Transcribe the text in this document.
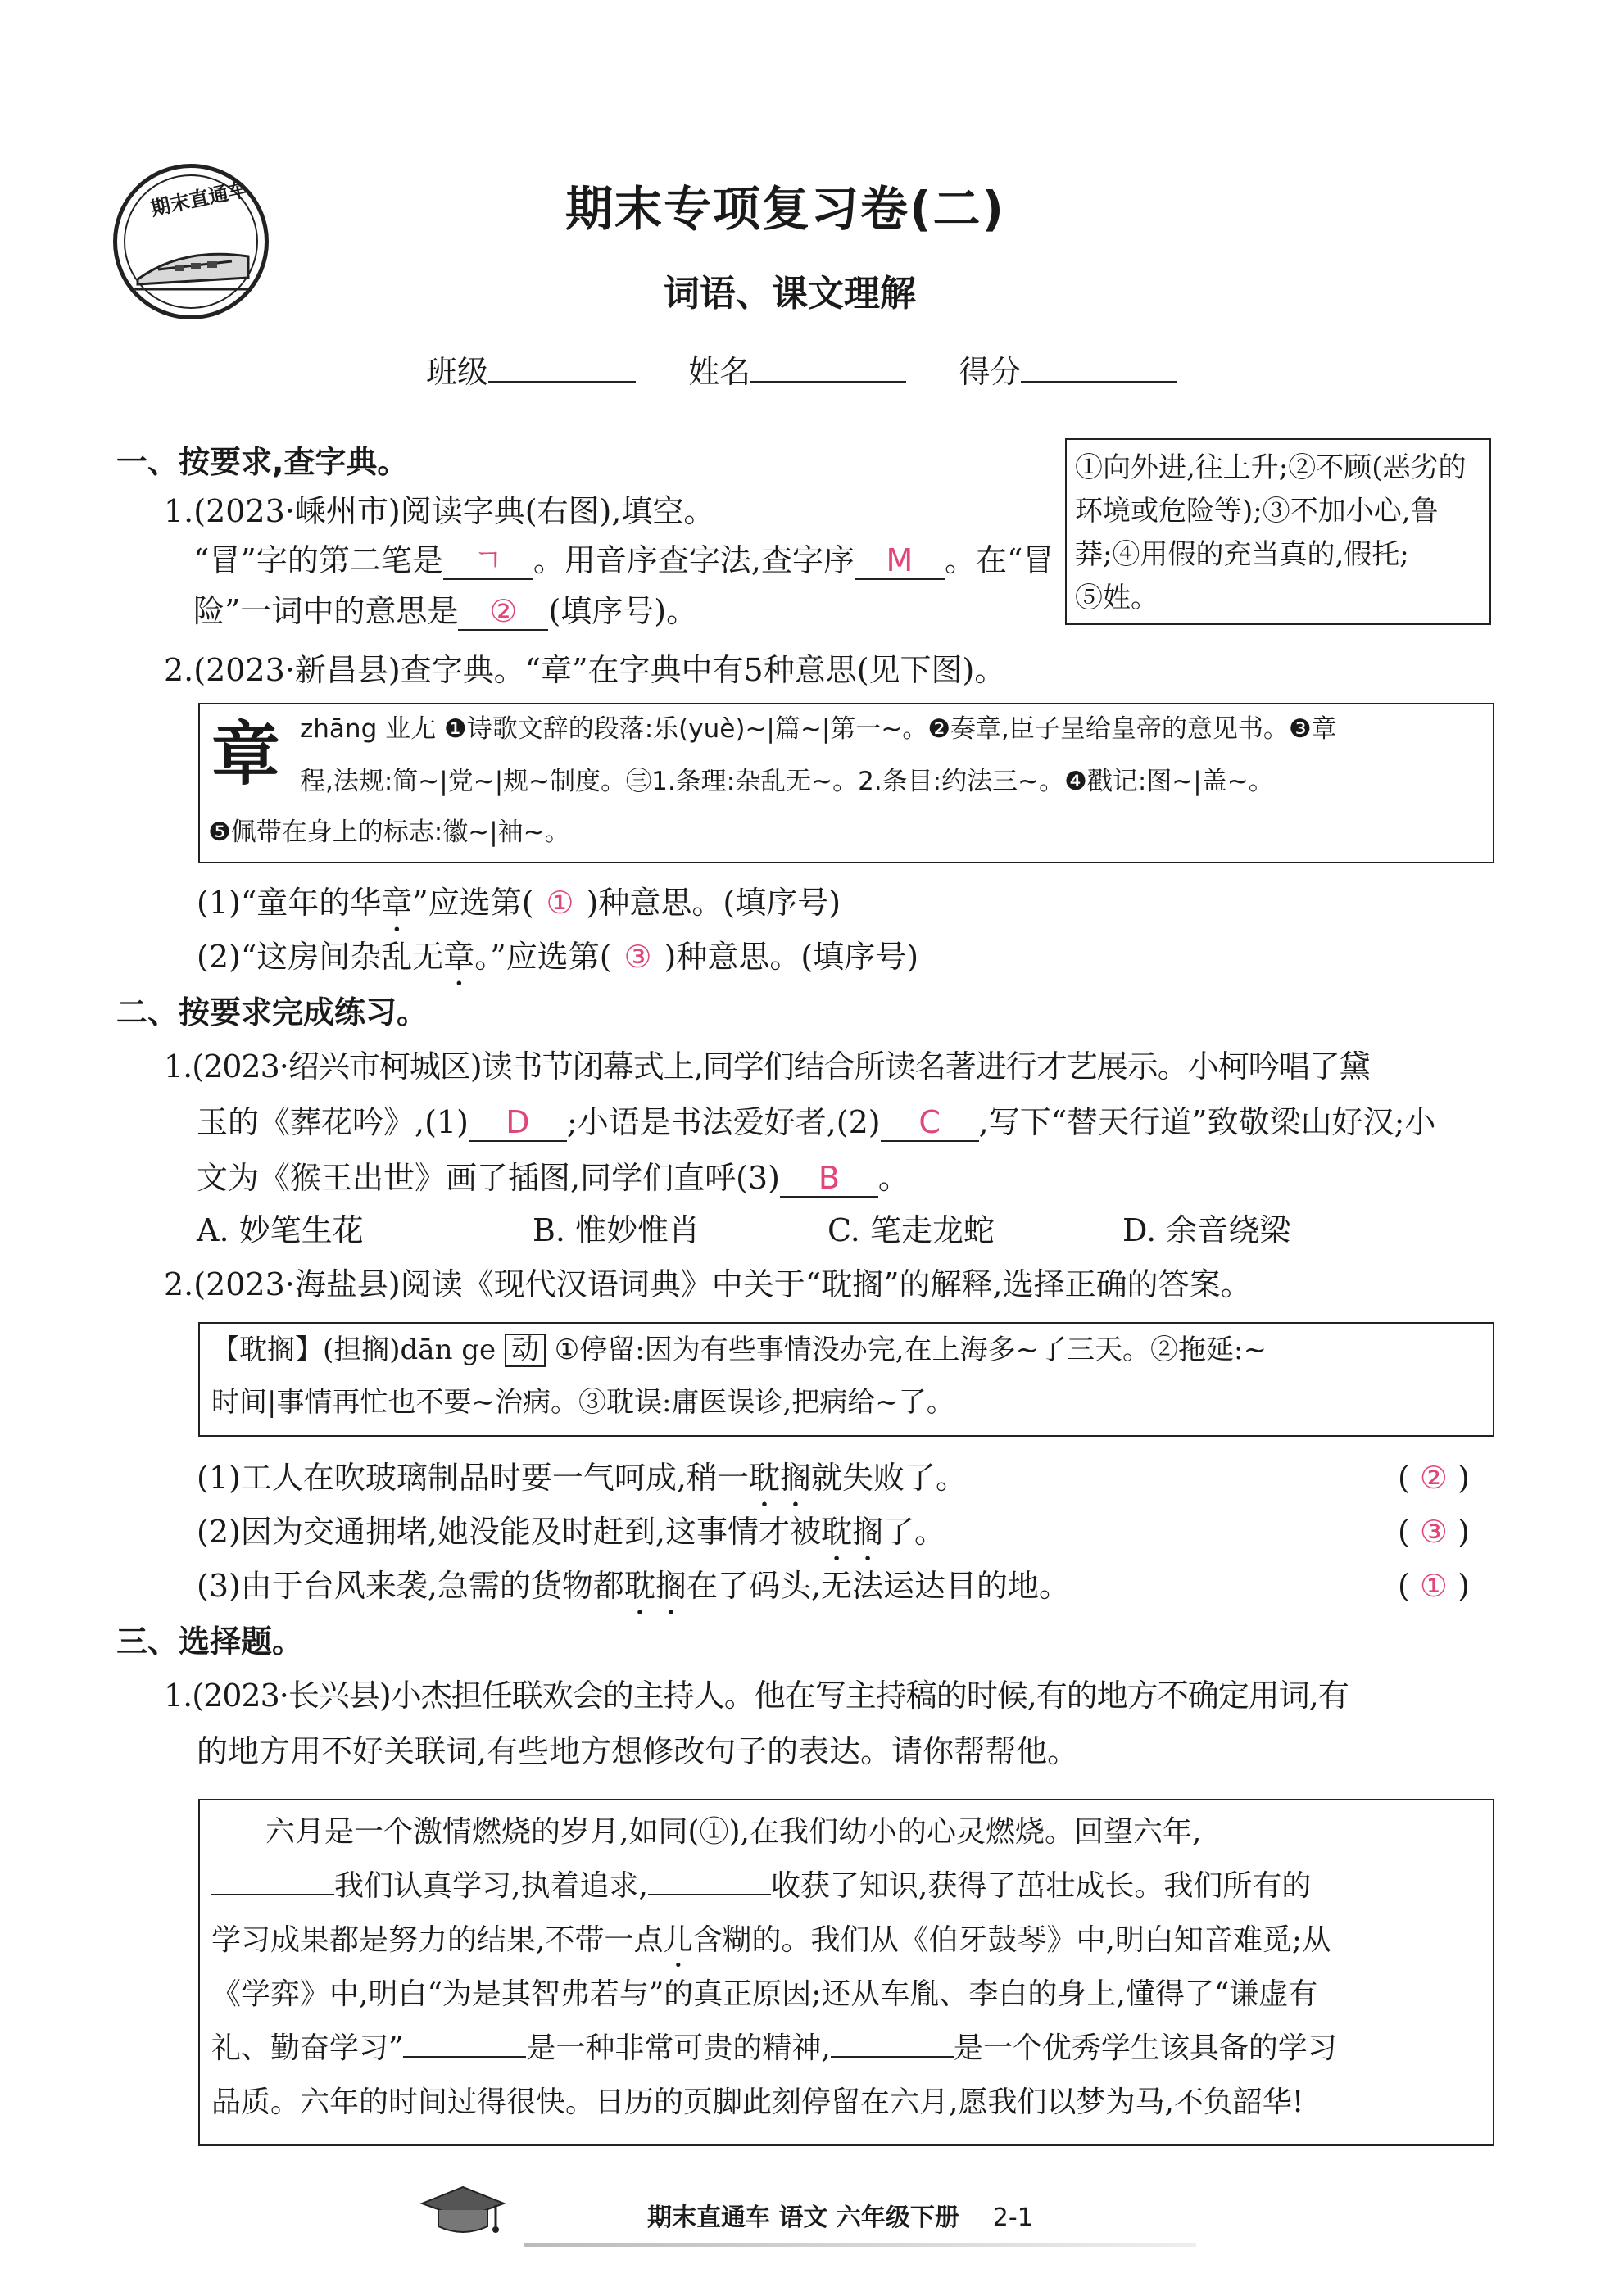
期末直通车	期末专项复习卷(二)
词语、课文理解
班级	姓名	得分
一、按要求,查字典。
1.(2023·嵊州市)阅读字典(右图),填空。
“冒”字的第二笔是 ㄱ 。用音序查字法,查字序 M 。在“冒
险”一词中的意思是 ② (填序号)。
①向外进,往上升;②不顾(恶劣的
环境或危险等);③不加小心,鲁
莽;④用假的充当真的,假托;
⑤姓。
2.(2023·新昌县)查字典。“章”在字典中有5种意思(见下图)。
章 zhāng 业尢 ❶诗歌文辞的段落:乐(yuè)~|篇~|第一~。❷奏章,臣子呈给皇帝的意见书。❸章
程,法规:简~|党~|规~制度。㊂1.条理:杂乱无~。2.条目:约法三~。❹戳记:图~|盖~。
❺佩带在身上的标志:徽~|袖~。
(1)“童年的华章”应选第( ① )种意思。(填序号)
(2)“这房间杂乱无章。”应选第( ③ )种意思。(填序号)
二、按要求完成练习。
1.(2023·绍兴市柯城区)读书节闭幕式上,同学们结合所读名著进行才艺展示。小柯吟唱了黛
玉的《葬花吟》,(1) D ;小语是书法爱好者,(2) C ,写下“替天行道”致敬梁山好汉;小
文为《猴王出世》画了插图,同学们直呼(3) B 。
A. 妙笔生花	B. 惟妙惟肖	C. 笔走龙蛇	D. 余音绕梁
2.(2023·海盐县)阅读《现代汉语词典》中关于“耽搁”的解释,选择正确的答案。
【耽搁】(担搁)dān ge 动 ①停留:因为有些事情没办完,在上海多~了三天。②拖延:~
时间|事情再忙也不要~治病。③耽误:庸医误诊,把病给~了。
(1)工人在吹玻璃制品时要一气呵成,稍一耽搁就失败了。	( ② )
(2)因为交通拥堵,她没能及时赶到,这事情才被耽搁了。	( ③ )
(3)由于台风来袭,急需的货物都耽搁在了码头,无法运达目的地。	( ① )
三、选择题。
1.(2023·长兴县)小杰担任联欢会的主持人。他在写主持稿的时候,有的地方不确定用词,有
的地方用不好关联词,有些地方想修改句子的表达。请你帮帮他。
六月是一个激情燃烧的岁月,如同(①),在我们幼小的心灵燃烧。回望六年,
我们认真学习,执着追求,	收获了知识,获得了茁壮成长。我们所有的
学习成果都是努力的结果,不带一点儿含糊的。我们从《伯牙鼓琴》中,明白知音难觅;从
《学弈》中,明白“为是其智弗若与”的真正原因;还从车胤、李白的身上,懂得了“谦虚有
礼、勤奋学习”	是一种非常可贵的精神,	是一个优秀学生该具备的学习
品质。六年的时间过得很快。日历的页脚此刻停留在六月,愿我们以梦为马,不负韶华!
期末直通车 语文 六年级下册 2-1
